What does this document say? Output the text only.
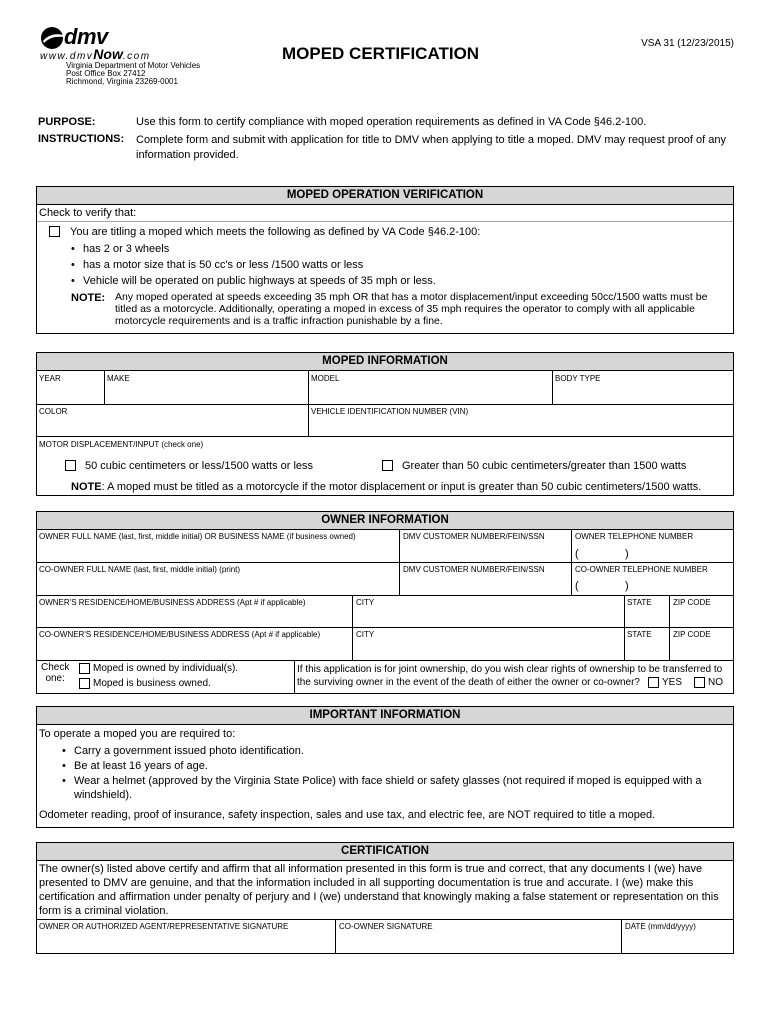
dmv
www.dmvNow.com
Virginia Department of Motor Vehicles
Post Office Box 27412
Richmond, Virginia 23269-0001
VSA 31 (12/23/2015)
MOPED CERTIFICATION
PURPOSE:	Use this form to certify compliance with moped operation requirements as defined in VA Code §46.2-100.
INSTRUCTIONS: Complete form and submit with application for title to DMV when applying to title a moped. DMV may request proof of any information provided.
MOPED OPERATION VERIFICATION
Check to verify that:
You are titling a moped which meets the following as defined by VA Code §46.2-100:
• has 2 or 3 wheels
• has a motor size that is 50 cc's or less /1500 watts or less
• Vehicle will be operated on public highways at speeds of 35 mph or less.
NOTE: Any moped operated at speeds exceeding 35 mph OR that has a motor displacement/input exceeding 50cc/1500 watts must be titled as a motorcycle. Additionally, operating a moped in excess of 35 mph requires the operator to comply with all applicable motorcycle requirements and is a traffic infraction punishable by a fine.
MOPED INFORMATION
YEAR	MAKE	MODEL	BODY TYPE
COLOR	VEHICLE IDENTIFICATION NUMBER (VIN)
MOTOR DISPLACEMENT/INPUT (check one)
50 cubic centimeters or less/1500 watts or less	Greater than 50 cubic centimeters/greater than 1500 watts
NOTE: A moped must be titled as a motorcycle if the motor displacement or input is greater than 50 cubic centimeters/1500 watts.
OWNER INFORMATION
OWNER FULL NAME (last, first, middle initial) OR BUSINESS NAME (if business owned)	DMV CUSTOMER NUMBER/FEIN/SSN	OWNER TELEPHONE NUMBER
(	)
CO-OWNER FULL NAME (last, first, middle initial) (print)	DMV CUSTOMER NUMBER/FEIN/SSN	CO-OWNER TELEPHONE NUMBER
(	)
OWNER'S RESIDENCE/HOME/BUSINESS ADDRESS (Apt # if applicable)	CITY	STATE	ZIP CODE
CO-OWNER'S RESIDENCE/HOME/BUSINESS ADDRESS (Apt # if applicable)	CITY	STATE	ZIP CODE
Check
one:
Moped is owned by individual(s).
Moped is business owned.
If this application is for joint ownership, do you wish clear rights of ownership to be transferred to
the surviving owner in the event of the death of either the owner or co-owner?	YES	NO
IMPORTANT INFORMATION
To operate a moped you are required to:
• Carry a government issued photo identification.
• Be at least 16 years of age.
• Wear a helmet (approved by the Virginia State Police) with face shield or safety glasses (not required if moped is equipped with a windshield).
Odometer reading, proof of insurance, safety inspection, sales and use tax, and electric fee, are NOT required to title a moped.
CERTIFICATION
The owner(s) listed above certify and affirm that all information presented in this form is true and correct, that any documents I (we) have presented to DMV are genuine, and that the information included in all supporting documentation is true and accurate. I (we) make this certification and affirmation under penalty of perjury and I (we) understand that knowingly making a false statement or representation on this form is a criminal violation.
OWNER OR AUTHORIZED AGENT/REPRESENTATIVE SIGNATURE	CO-OWNER SIGNATURE	DATE (mm/dd/yyyy)
